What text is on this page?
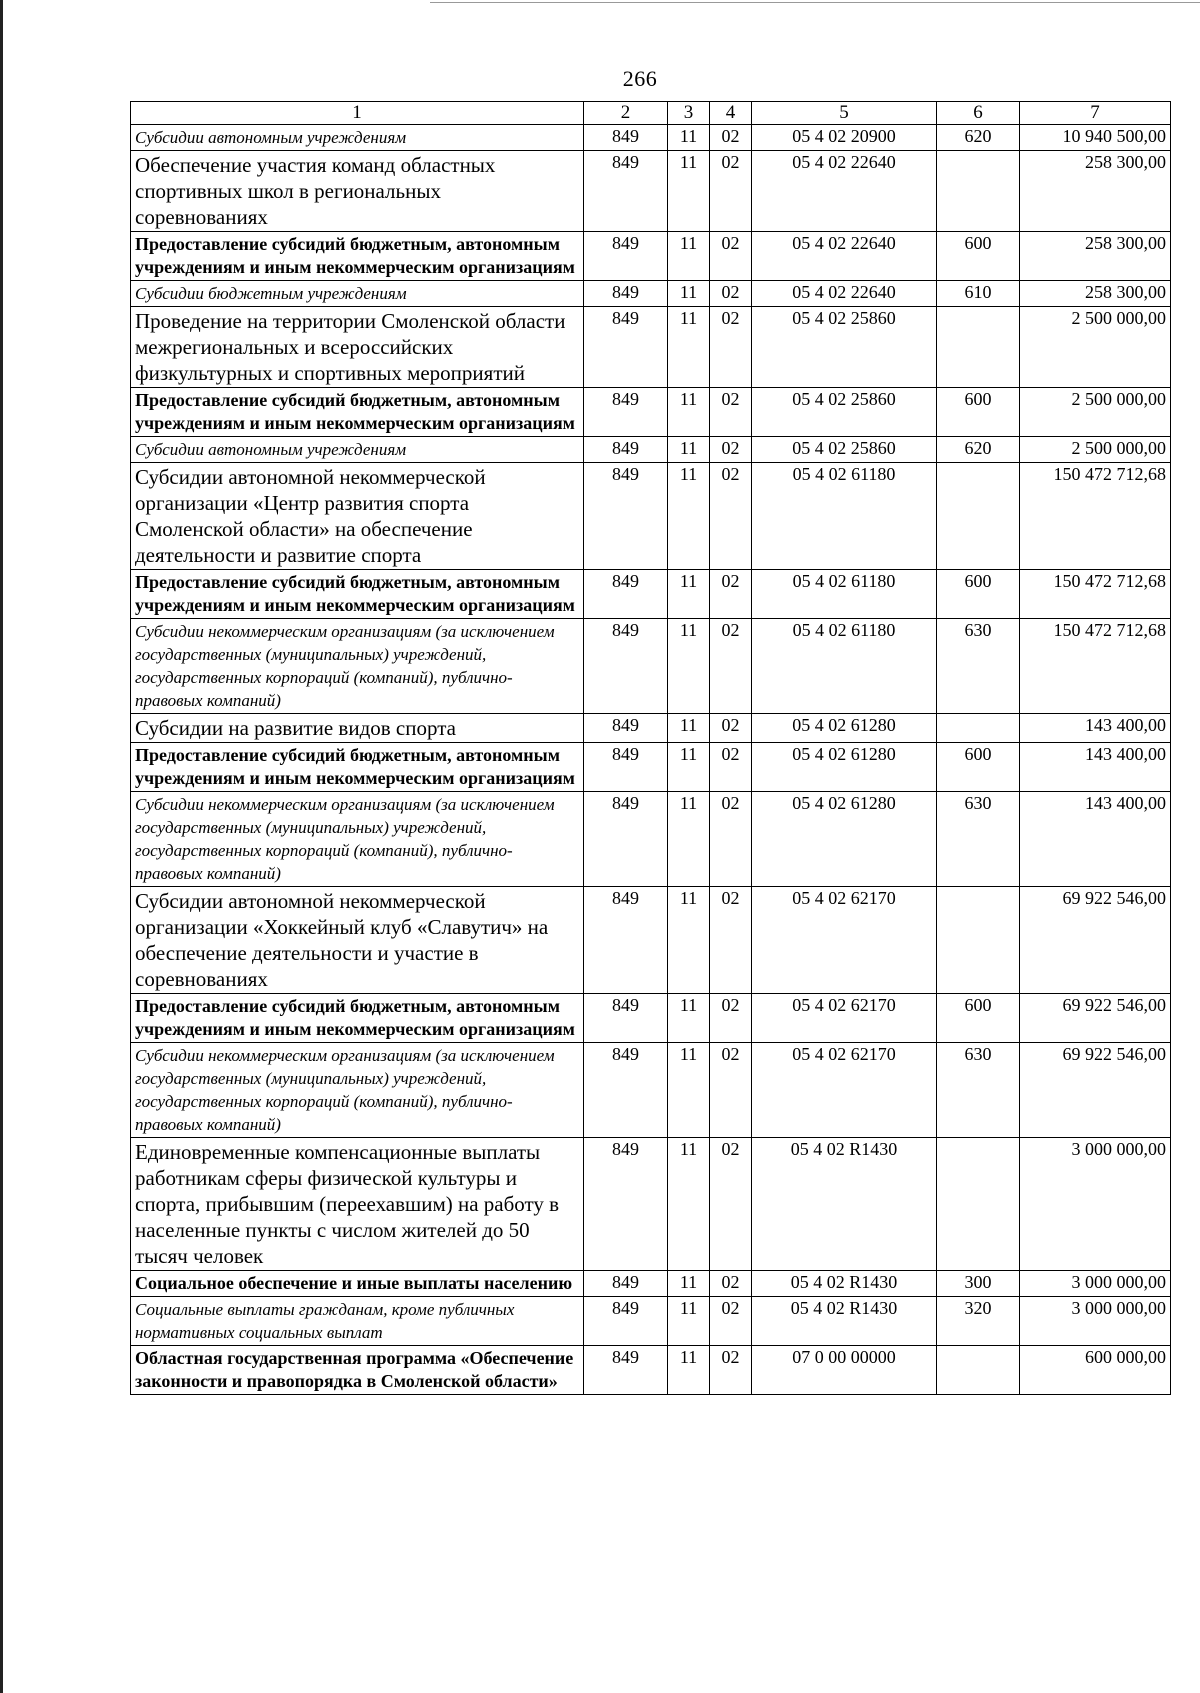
266
1	2	3	4	5	6	7
Субсидии автономным учреждениям	849	11	02	05 4 02 20900	620	10 940 500,00
Обеспечение участия команд областных спортивных школ в региональных соревнованиях	849	11	02	05 4 02 22640		258 300,00
Предоставление субсидий бюджетным, автономным учреждениям и иным некоммерческим организациям	849	11	02	05 4 02 22640	600	258 300,00
Субсидии бюджетным учреждениям	849	11	02	05 4 02 22640	610	258 300,00
Проведение на территории Смоленской области межрегиональных и всероссийских физкультурных и спортивных мероприятий	849	11	02	05 4 02 25860		2 500 000,00
Предоставление субсидий бюджетным, автономным учреждениям и иным некоммерческим организациям	849	11	02	05 4 02 25860	600	2 500 000,00
Субсидии автономным учреждениям	849	11	02	05 4 02 25860	620	2 500 000,00
Субсидии автономной некоммерческой организации «Центр развития спорта Смоленской области» на обеспечение деятельности и развитие спорта	849	11	02	05 4 02 61180		150 472 712,68
Предоставление субсидий бюджетным, автономным учреждениям и иным некоммерческим организациям	849	11	02	05 4 02 61180	600	150 472 712,68
Субсидии некоммерческим организациям (за исключением государственных (муниципальных) учреждений, государственных корпораций (компаний), публично-правовых компаний)	849	11	02	05 4 02 61180	630	150 472 712,68
Субсидии на развитие видов спорта	849	11	02	05 4 02 61280		143 400,00
Предоставление субсидий бюджетным, автономным учреждениям и иным некоммерческим организациям	849	11	02	05 4 02 61280	600	143 400,00
Субсидии некоммерческим организациям (за исключением государственных (муниципальных) учреждений, государственных корпораций (компаний), публично-правовых компаний)	849	11	02	05 4 02 61280	630	143 400,00
Субсидии автономной некоммерческой организации «Хоккейный клуб «Славутич» на обеспечение деятельности и участие в соревнованиях	849	11	02	05 4 02 62170		69 922 546,00
Предоставление субсидий бюджетным, автономным учреждениям и иным некоммерческим организациям	849	11	02	05 4 02 62170	600	69 922 546,00
Субсидии некоммерческим организациям (за исключением государственных (муниципальных) учреждений, государственных корпораций (компаний), публично-правовых компаний)	849	11	02	05 4 02 62170	630	69 922 546,00
Единовременные компенсационные выплаты работникам сферы физической культуры и спорта, прибывшим (переехавшим) на работу в населенные пункты с числом жителей до 50 тысяч человек	849	11	02	05 4 02 R1430		3 000 000,00
Социальное обеспечение и иные выплаты населению	849	11	02	05 4 02 R1430	300	3 000 000,00
Социальные выплаты гражданам, кроме публичных нормативных социальных выплат	849	11	02	05 4 02 R1430	320	3 000 000,00
Областная государственная программа «Обеспечение законности и правопорядка в Смоленской области»	849	11	02	07 0 00 00000		600 000,00
